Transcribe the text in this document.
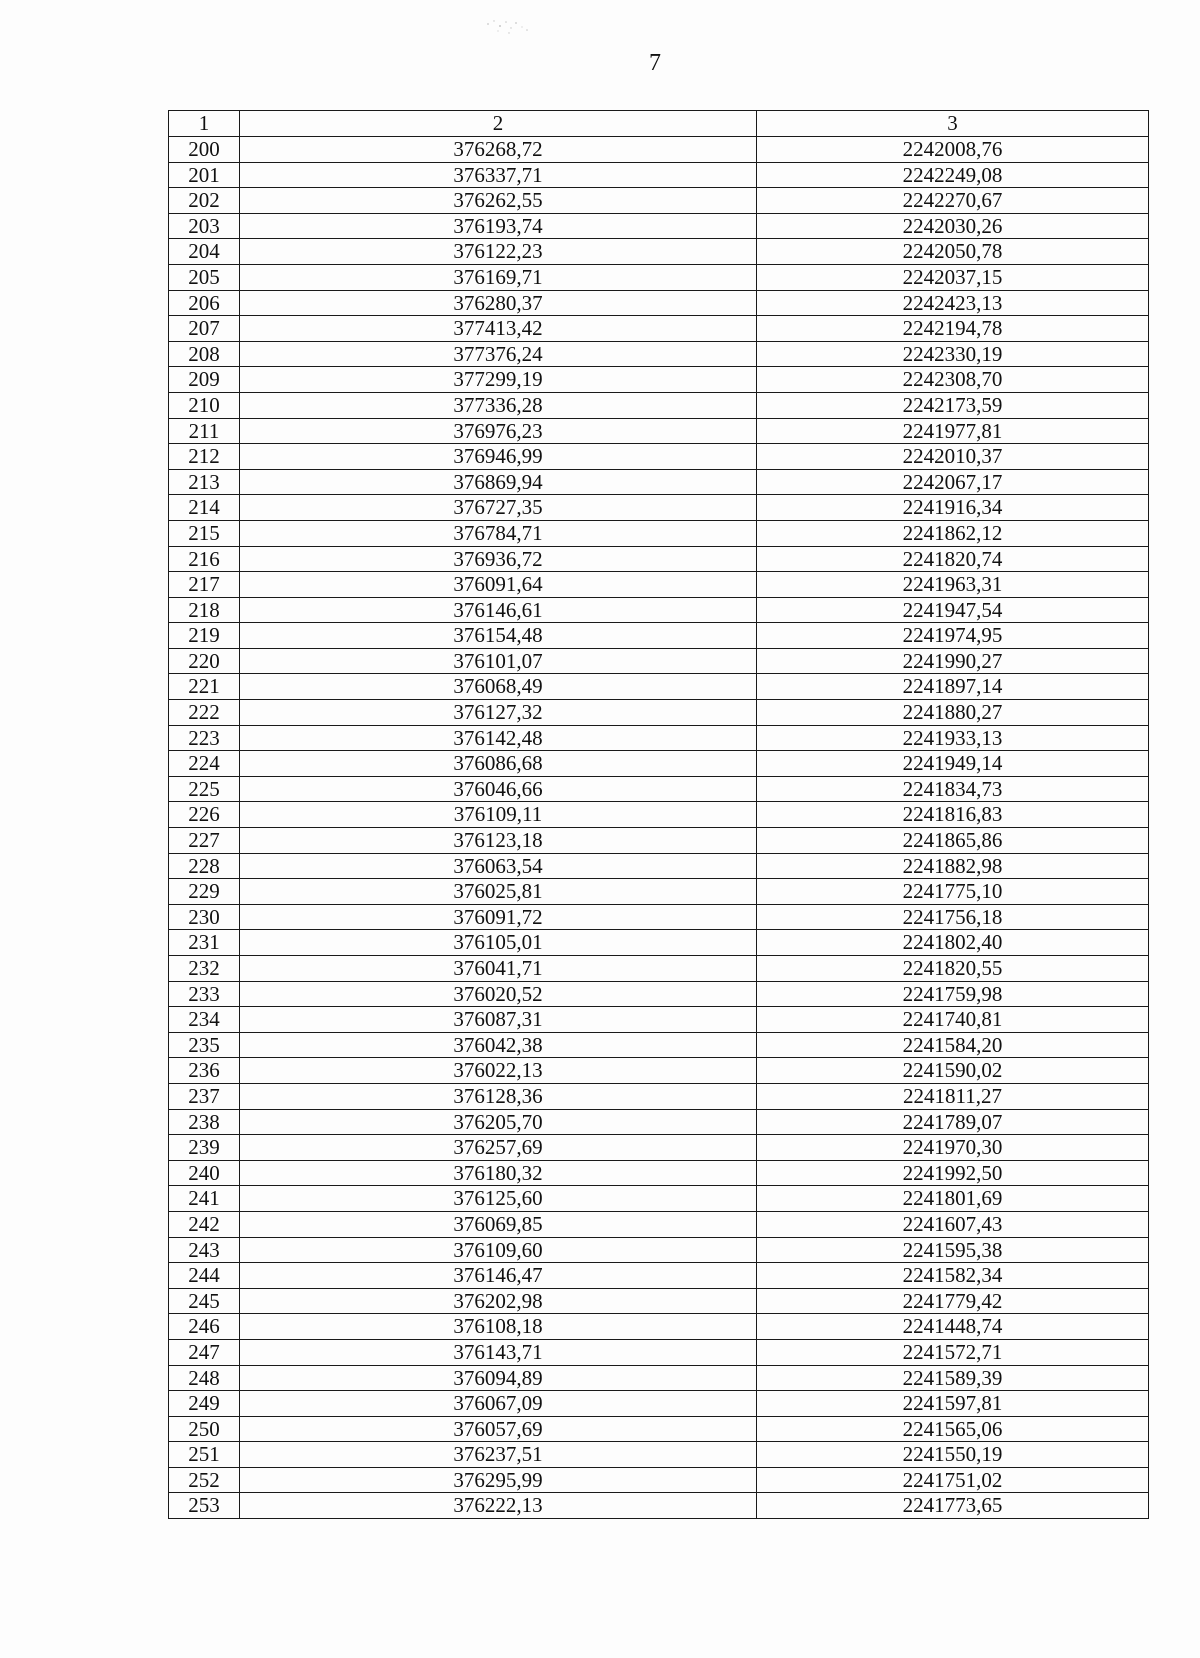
7
1	2	3
200	376268,72	2242008,76
201	376337,71	2242249,08
202	376262,55	2242270,67
203	376193,74	2242030,26
204	376122,23	2242050,78
205	376169,71	2242037,15
206	376280,37	2242423,13
207	377413,42	2242194,78
208	377376,24	2242330,19
209	377299,19	2242308,70
210	377336,28	2242173,59
211	376976,23	2241977,81
212	376946,99	2242010,37
213	376869,94	2242067,17
214	376727,35	2241916,34
215	376784,71	2241862,12
216	376936,72	2241820,74
217	376091,64	2241963,31
218	376146,61	2241947,54
219	376154,48	2241974,95
220	376101,07	2241990,27
221	376068,49	2241897,14
222	376127,32	2241880,27
223	376142,48	2241933,13
224	376086,68	2241949,14
225	376046,66	2241834,73
226	376109,11	2241816,83
227	376123,18	2241865,86
228	376063,54	2241882,98
229	376025,81	2241775,10
230	376091,72	2241756,18
231	376105,01	2241802,40
232	376041,71	2241820,55
233	376020,52	2241759,98
234	376087,31	2241740,81
235	376042,38	2241584,20
236	376022,13	2241590,02
237	376128,36	2241811,27
238	376205,70	2241789,07
239	376257,69	2241970,30
240	376180,32	2241992,50
241	376125,60	2241801,69
242	376069,85	2241607,43
243	376109,60	2241595,38
244	376146,47	2241582,34
245	376202,98	2241779,42
246	376108,18	2241448,74
247	376143,71	2241572,71
248	376094,89	2241589,39
249	376067,09	2241597,81
250	376057,69	2241565,06
251	376237,51	2241550,19
252	376295,99	2241751,02
253	376222,13	2241773,65
